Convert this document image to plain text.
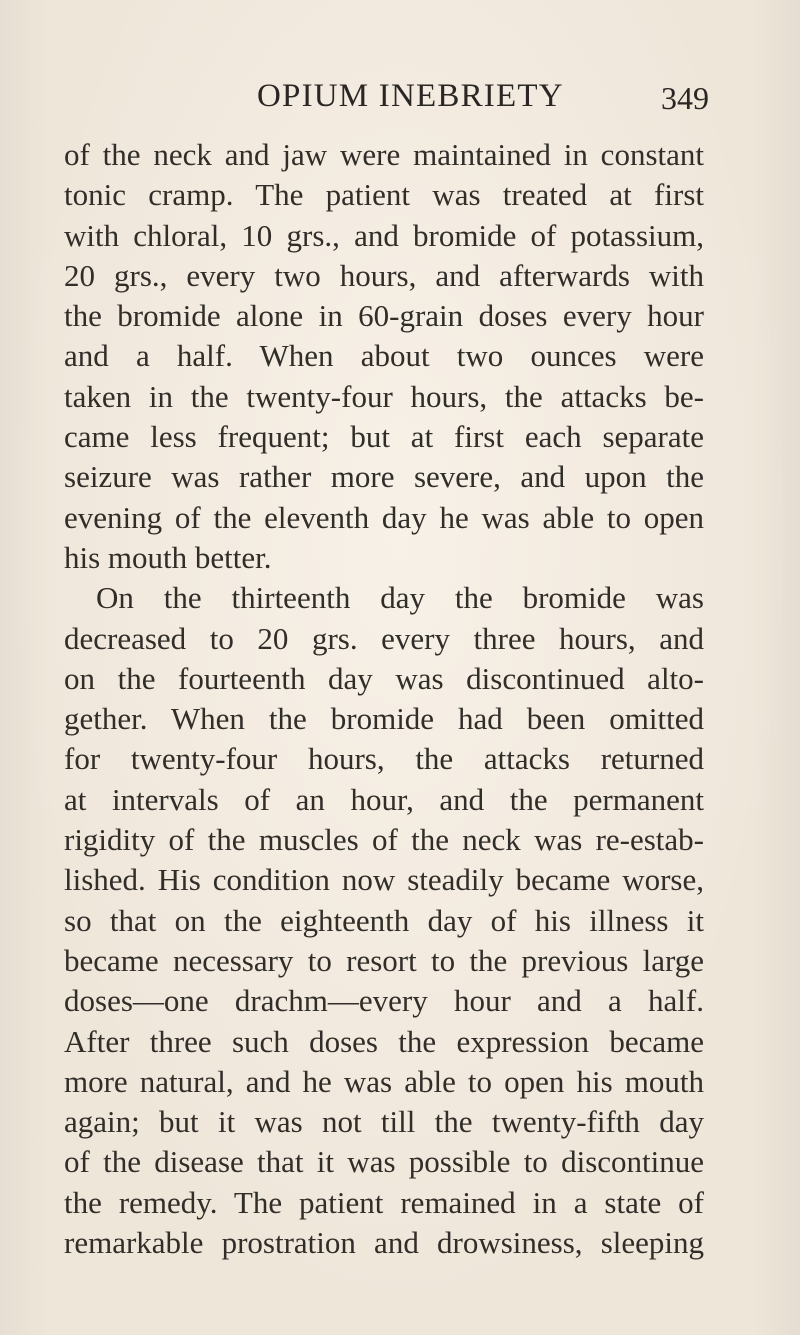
OPIUM INEBRIETY	349
of the neck and jaw were maintained in constant
tonic cramp. The patient was treated at first
with chloral, 10 grs., and bromide of potassium,
20 grs., every two hours, and afterwards with
the bromide alone in 60-grain doses every hour
and a half. When about two ounces were
taken in the twenty-four hours, the attacks be-
came less frequent; but at first each separate
seizure was rather more severe, and upon the
evening of the eleventh day he was able to open
his mouth better.
On the thirteenth day the bromide was
decreased to 20 grs. every three hours, and
on the fourteenth day was discontinued alto-
gether. When the bromide had been omitted
for twenty-four hours, the attacks returned
at intervals of an hour, and the permanent
rigidity of the muscles of the neck was re-estab-
lished. His condition now steadily became worse,
so that on the eighteenth day of his illness it
became necessary to resort to the previous large
doses—one drachm—every hour and a half.
After three such doses the expression became
more natural, and he was able to open his mouth
again; but it was not till the twenty-fifth day
of the disease that it was possible to discontinue
the remedy. The patient remained in a state of
remarkable prostration and drowsiness, sleeping
